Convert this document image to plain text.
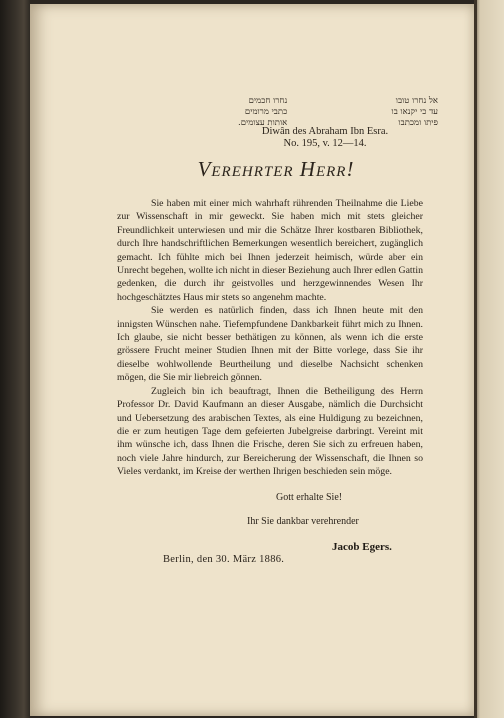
אל נחרו טובו
עד כי יקנאו בו
פיתו ומכתבו
נחרו חכמים
כתבי מרומים
אותות עצומים.
Diwân des Abraham Ibn Esra.
No. 195, v. 12—14.
Verehrter Herr!

Sie haben mit einer mich wahrhaft rührenden Theilnahme die Liebe zur Wissenschaft in mir geweckt. Sie haben mich mit stets gleicher Freundlichkeit unterwiesen und mir die Schätze Ihrer kostbaren Bibliothek, durch Ihre handschriftlichen Bemerkungen wesentlich bereichert, zugänglich gemacht. Ich fühlte mich bei Ihnen jederzeit heimisch, würde aber ein Unrecht begehen, wollte ich nicht in dieser Beziehung auch Ihrer edlen Gattin gedenken, die durch ihr geistvolles und herzgewinnendes Wesen Ihr hochgeschätztes Haus mir stets so angenehm machte.

Sie werden es natürlich finden, dass ich Ihnen heute mit den innigsten Wünschen nahe. Tiefempfundene Dankbarkeit führt mich zu Ihnen. Ich glaube, sie nicht besser bethätigen zu können, als wenn ich die erste grössere Frucht meiner Studien Ihnen mit der Bitte vorlege, dass Sie ihr dieselbe wohlwollende Beurtheilung und dieselbe Nachsicht schenken mögen, die Sie mir liebreich gönnen.

Zugleich bin ich beauftragt, Ihnen die Betheiligung des Herrn Professor Dr. David Kaufmann an dieser Ausgabe, nämlich die Durchsicht und Uebersetzung des arabischen Textes, als eine Huldigung zu bezeichnen, die er zum heutigen Tage dem gefeierten Jubelgreise darbringt. Vereint mit ihm wünsche ich, dass Ihnen die Frische, deren Sie sich zu erfreuen haben, noch viele Jahre hindurch, zur Bereicherung der Wissenschaft, die Ihnen so Vieles verdankt, im Kreise der werthen Ihrigen beschieden sein möge.

Gott erhalte Sie!
Ihr Sie dankbar verehrender
Jacob Egers.
Berlin, den 30. März 1886.
